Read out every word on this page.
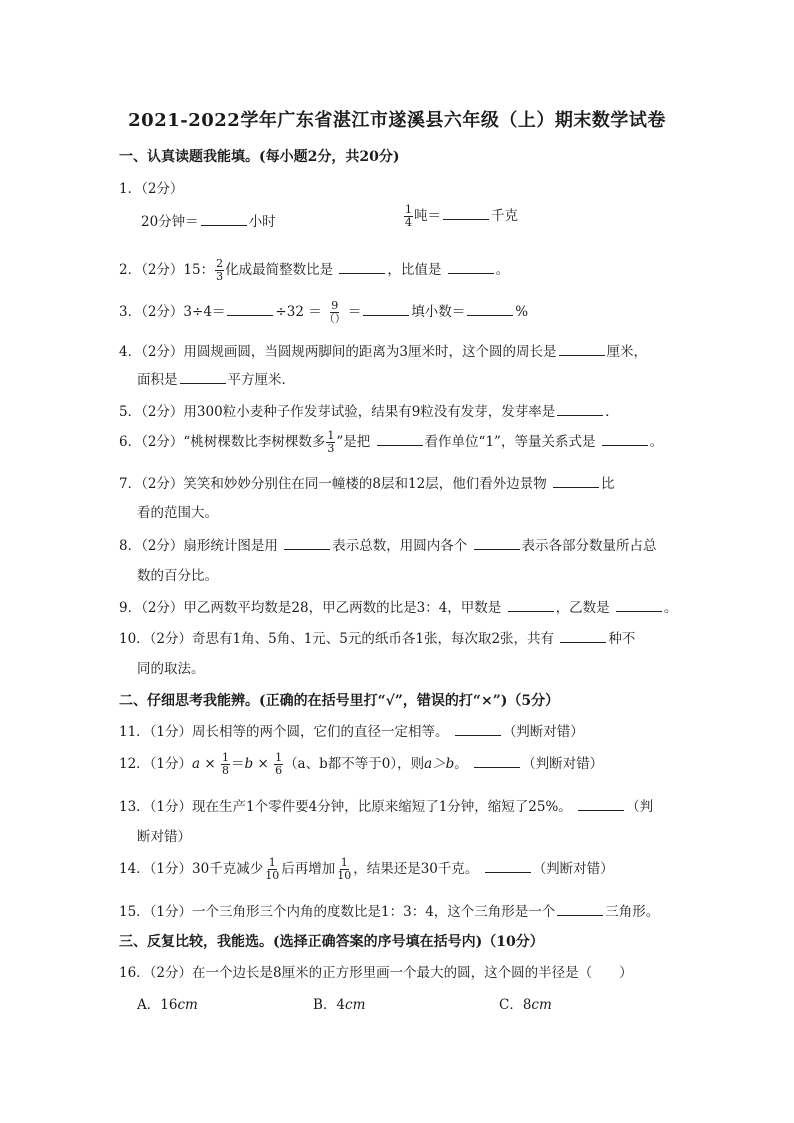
2021-2022学年广东省湛江市遂溪县六年级（上）期末数学试卷
一、认真读题我能填。(每小题2分，共20分)
1．（2分）
20分钟＝	小时	$\frac{1}{4}$ 吨＝	千克
2．（2分）15： $\frac{2}{3}$ 化成最简整数比是	，比值是	。
3．（2分）3÷4＝	$\div 32 = \frac{9}{()}$ ＝	填小数＝	%
4．（2分）用圆规画圆，当圆规两脚间的距离为3厘米时，这个圆的周长是	厘米，
面积是	平方厘米．
5．（2分）用300粒小麦种子作发芽试验，结果有9粒没有发芽，发芽率是	．
6．（2分）“桃树棵数比李树棵数多 $\frac{1}{3}$ ”是把	看作单位“1”，等量关系式是	。
7．（2分）笑笑和妙妙分别住在同一幢楼的8层和12层，他们看外边景物	比
看的范围大。
8．（2分）扇形统计图是用	表示总数，用圆内各个	表示各部分数量所占总
数的百分比。
9．（2分）甲乙两数平均数是28，甲乙两数的比是3：4，甲数是	，乙数是	。
10．（2分）奇思有1角、5角、1元、5元的纸币各1张，每次取2张，共有	种不
同的取法。
二、仔细思考我能辨。(正确的在括号里打“√”，错误的打“×”)（5分）
11．（1分）周长相等的两个圆，它们的直径一定相等。	（判断对错）
12．（1分）$a \times \frac{1}{8} =b \times \frac{1}{6} (a$、b都不等于0），则a＞b。	（判断对错）
13．（1分）现在生产1个零件要4分钟，比原来缩短了1分钟，缩短了25%。	（判
断对错）
14．（1分）30千克减少 $\frac{1}{10}$ 后再增加 $\frac{1}{10}$ ，结果还是30千克。	（判断对错）
15．（1分）一个三角形三个内角的度数比是1：3：4，这个三角形是一个	三角形。
三、反复比较，我能选。(选择正确答案的序号填在括号内)（10分）
16．（2分）在一个边长是8厘米的正方形里画一个最大的圆，这个圆的半径是（　　）
A．16cm	B．4cm	C．8cm
